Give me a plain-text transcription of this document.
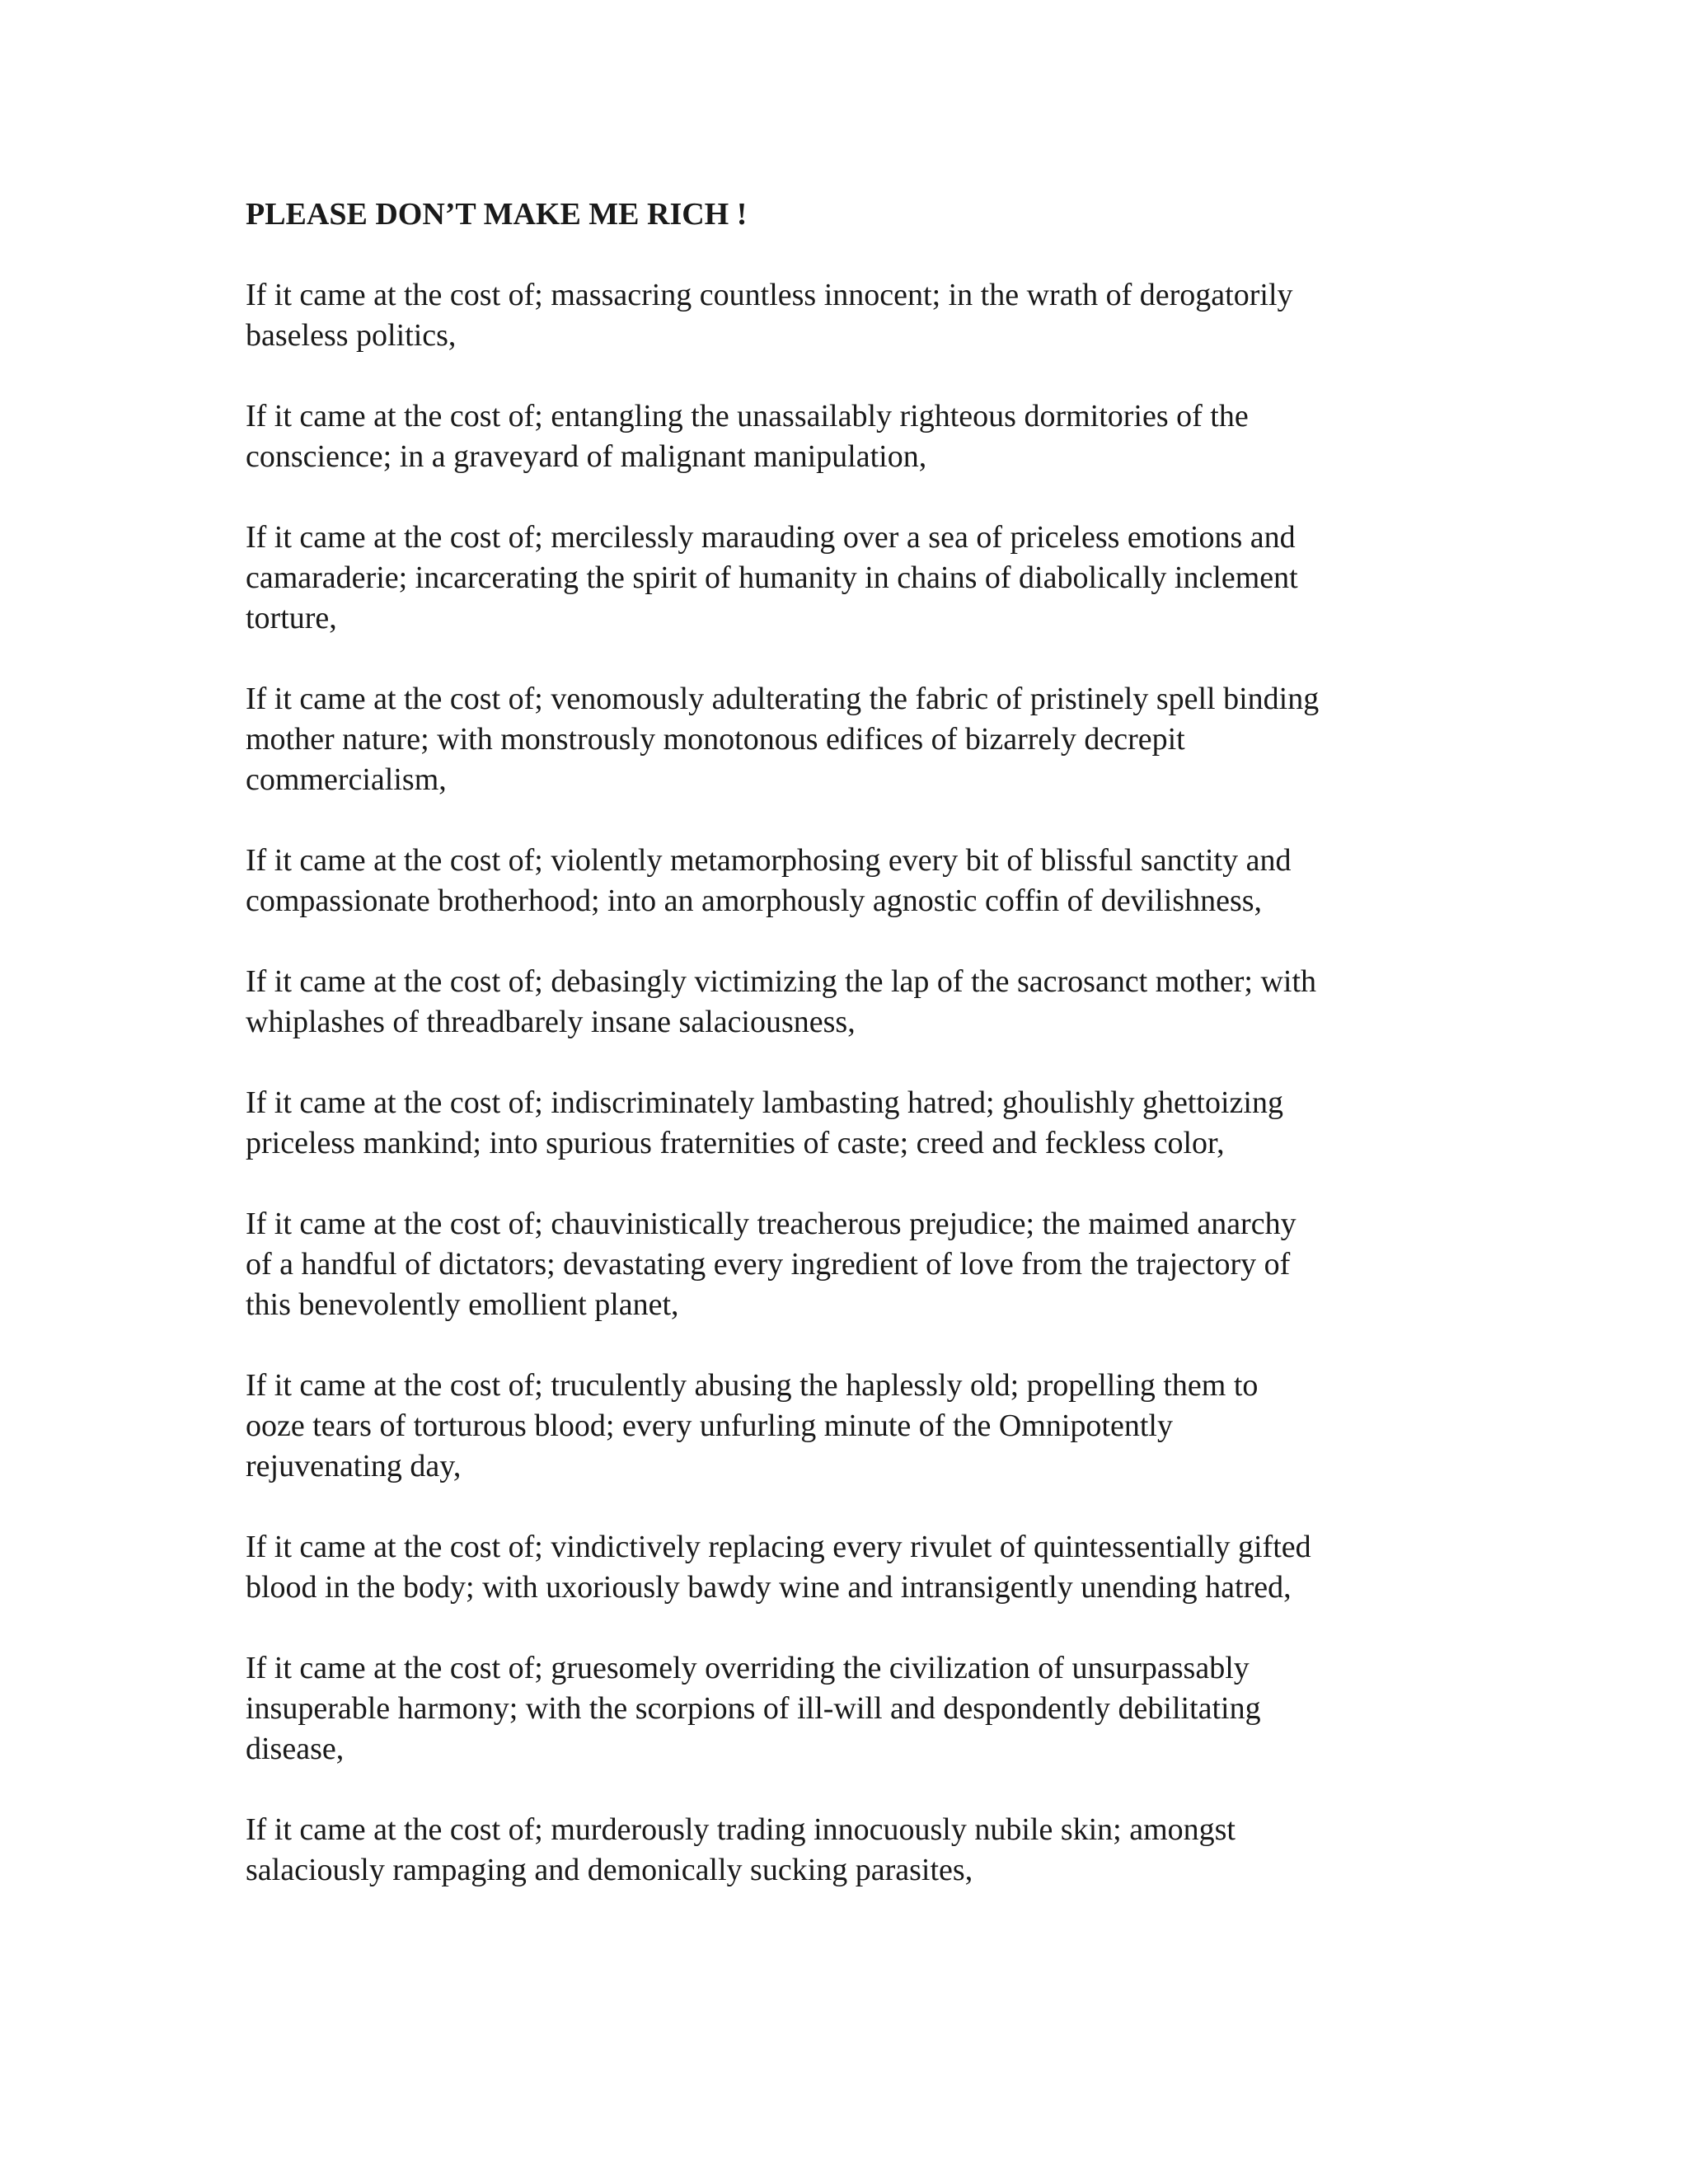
PLEASE DON’T MAKE ME RICH !
If it came at the cost of; massacring countless innocent; in the wrath of derogatorily
baseless politics,
If it came at the cost of; entangling the unassailably righteous dormitories of the
conscience; in a graveyard of malignant manipulation,
If it came at the cost of; mercilessly marauding over a sea of priceless emotions and
camaraderie; incarcerating the spirit of humanity in chains of diabolically inclement
torture,
If it came at the cost of; venomously adulterating the fabric of pristinely spell binding
mother nature; with monstrously monotonous edifices of bizarrely decrepit
commercialism,
If it came at the cost of; violently metamorphosing every bit of blissful sanctity and
compassionate brotherhood; into an amorphously agnostic coffin of devilishness,
If it came at the cost of; debasingly victimizing the lap of the sacrosanct mother; with
whiplashes of threadbarely insane salaciousness,
If it came at the cost of; indiscriminately lambasting hatred; ghoulishly ghettoizing
priceless mankind; into spurious fraternities of caste; creed and feckless color,
If it came at the cost of; chauvinistically treacherous prejudice; the maimed anarchy
of a handful of dictators; devastating every ingredient of love from the trajectory of
this benevolently emollient planet,
If it came at the cost of; truculently abusing the haplessly old; propelling them to
ooze tears of torturous blood; every unfurling minute of the Omnipotently
rejuvenating day,
If it came at the cost of; vindictively replacing every rivulet of quintessentially gifted
blood in the body; with uxoriously bawdy wine and intransigently unending hatred,
If it came at the cost of; gruesomely overriding the civilization of unsurpassably
insuperable harmony; with the scorpions of ill-will and despondently debilitating
disease,
If it came at the cost of; murderously trading innocuously nubile skin; amongst
salaciously rampaging and demonically sucking parasites,
